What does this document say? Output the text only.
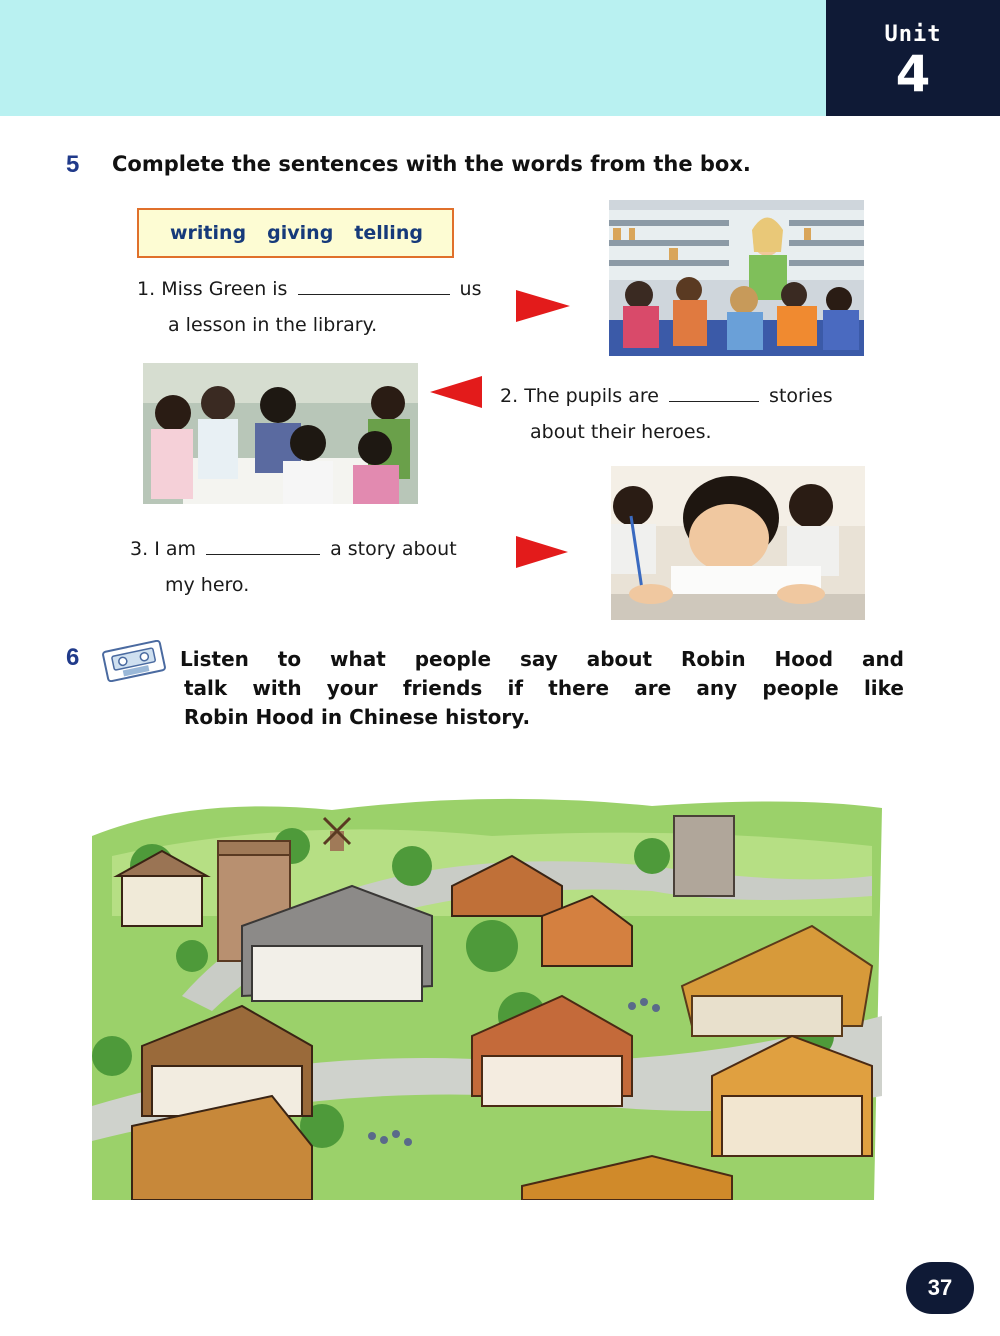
Unit
4
5 Complete the sentences with the words from the box.
writing giving telling
1. Miss Green is	us
a lesson in the library.
2. The pupils are	stories
about their heroes.
3. I am	a story about
my hero.
6	Listen to what people say about Robin Hood and
talk with your friends if there are any people like
Robin Hood in Chinese history.
37
